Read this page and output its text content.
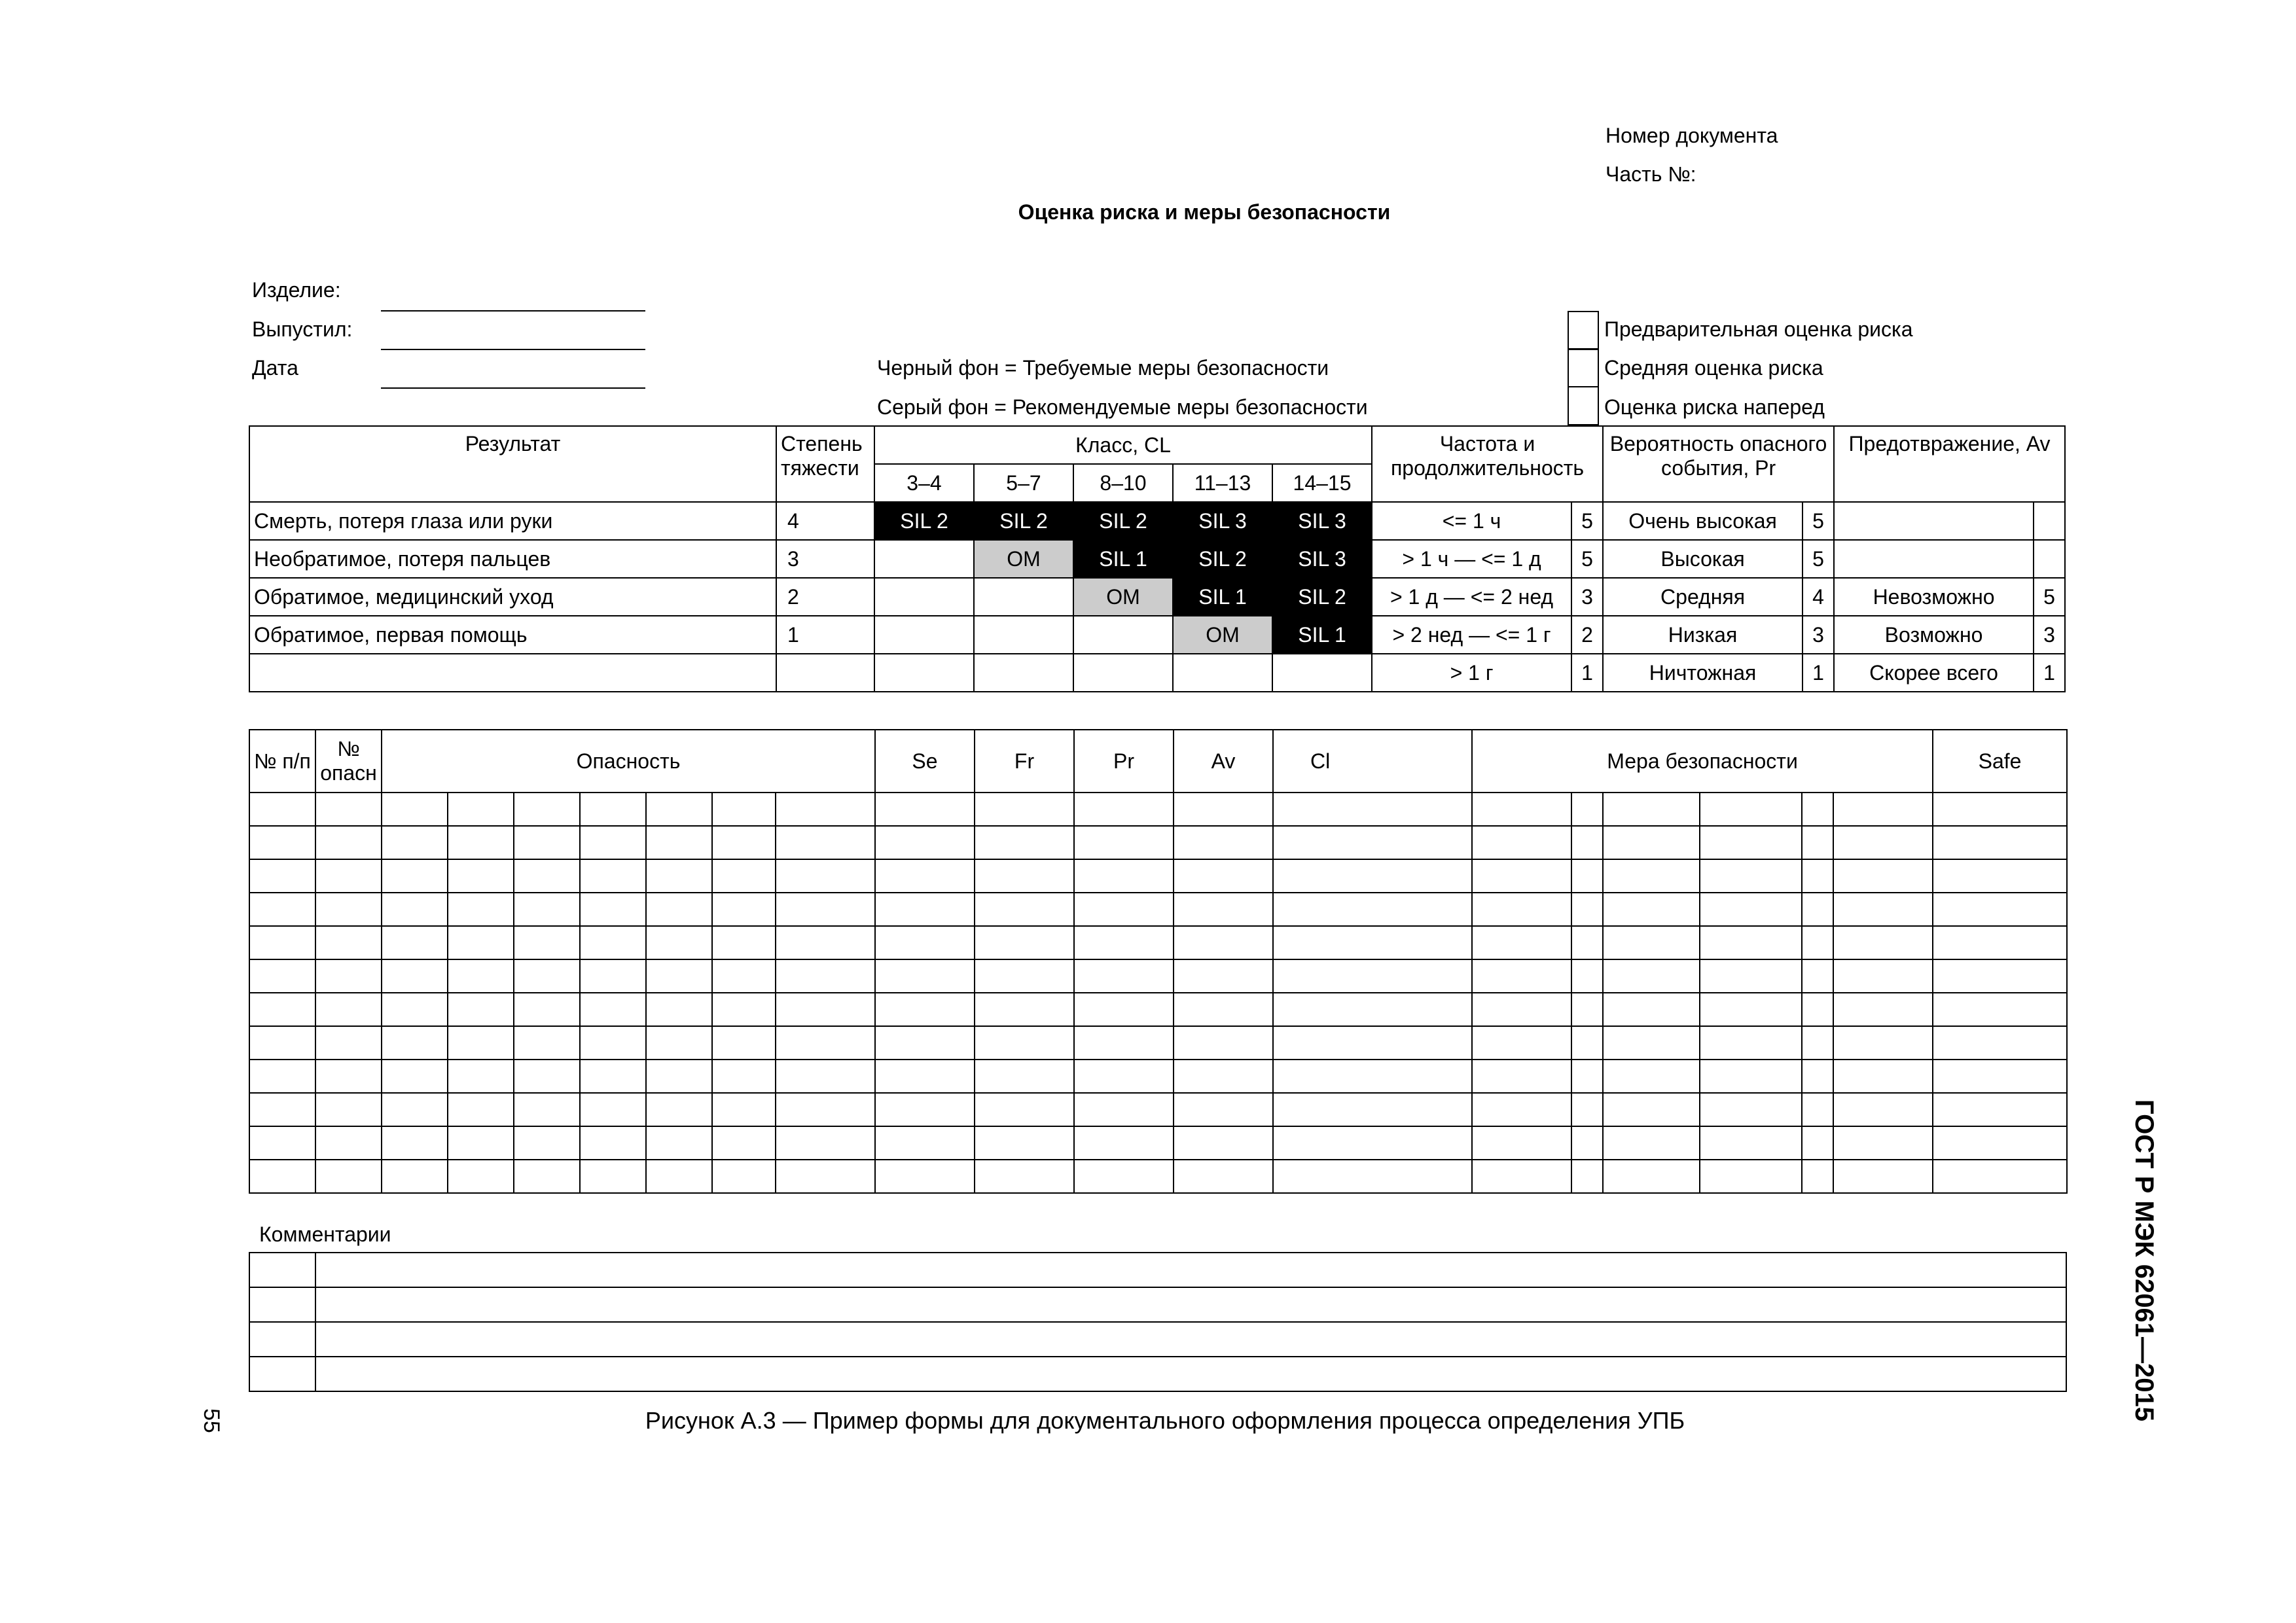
Номер документа
Часть №:
Оценка риска и меры безопасности
Изделие:
Выпустил:
Дата	Черный фон = Требуемые меры безопасности
Серый фон = Рекомендуемые меры безопасности
Предварительная оценка риска
Средняя оценка риска
Оценка риска наперед
Результат	Степень тяжести	Класс, CL					Частота и продолжительность		Вероятность опасного события, Pr		Предотвражение, Av	
		3–4	5–7	8–10	11–13	14–15						
Смерть, потеря глаза или руки	4	SIL 2	SIL 2	SIL 2	SIL 3	SIL 3	<= 1 ч	5	Очень высокая	5		
Необратимое, потеря пальцев	3		OM	SIL 1	SIL 2	SIL 3	> 1 ч — <= 1 д	5	Высокая	5		
Обратимое, медицинский уход	2			OM	SIL 1	SIL 2	> 1 д — <= 2 нед	3	Средняя	4	Невозможно	5
Обратимое, первая помощь	1				OM	SIL 1	> 2 нед — <= 1 г	2	Низкая	3	Возможно	3
							> 1 г	1	Ничтожная	1	Скорее всего	1
№ п/п	№ опасн	Опасность							Se	Fr	Pr	Av	Cl	Мера безопасности						Safe

Комментарии

Рисунок А.3 — Пример формы для документального оформления процесса определения УПБ
55	ГОСТ Р МЭК 62061—2015
